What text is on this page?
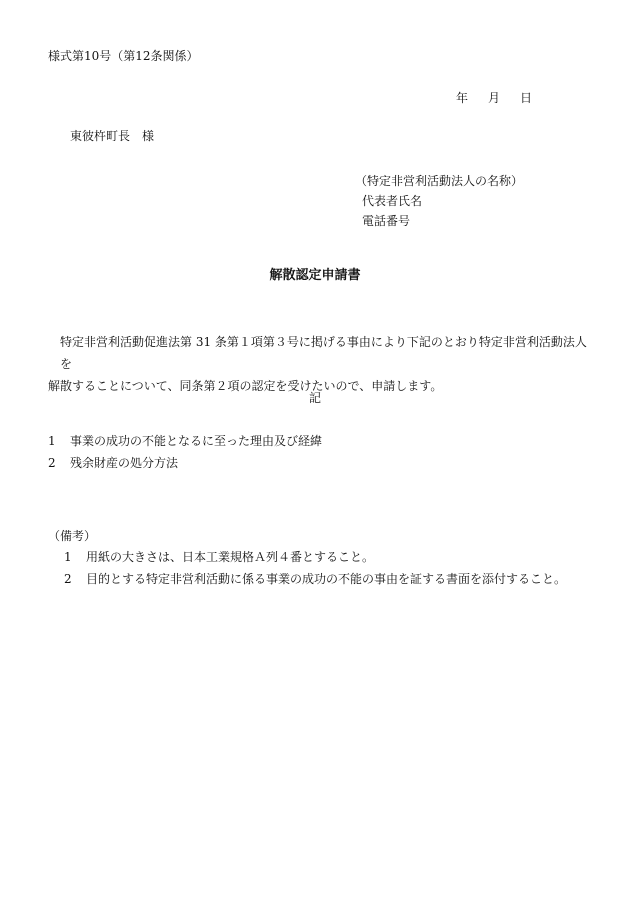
様式第10号（第12条関係）
年 月 日
東彼杵町長　様
（特定非営利活動法人の名称）
代表者氏名
電話番号
解散認定申請書
特定非営利活動促進法第 31 条第１項第３号に掲げる事由により下記のとおり特定非営利活動法人を
解散することについて、同条第２項の認定を受けたいので、申請します。
記
1 事業の成功の不能となるに至った理由及び経緯
2 残余財産の処分方法
（備考）
1 用紙の大きさは、日本工業規格Ａ列４番とすること。
2 目的とする特定非営利活動に係る事業の成功の不能の事由を証する書面を添付すること。
